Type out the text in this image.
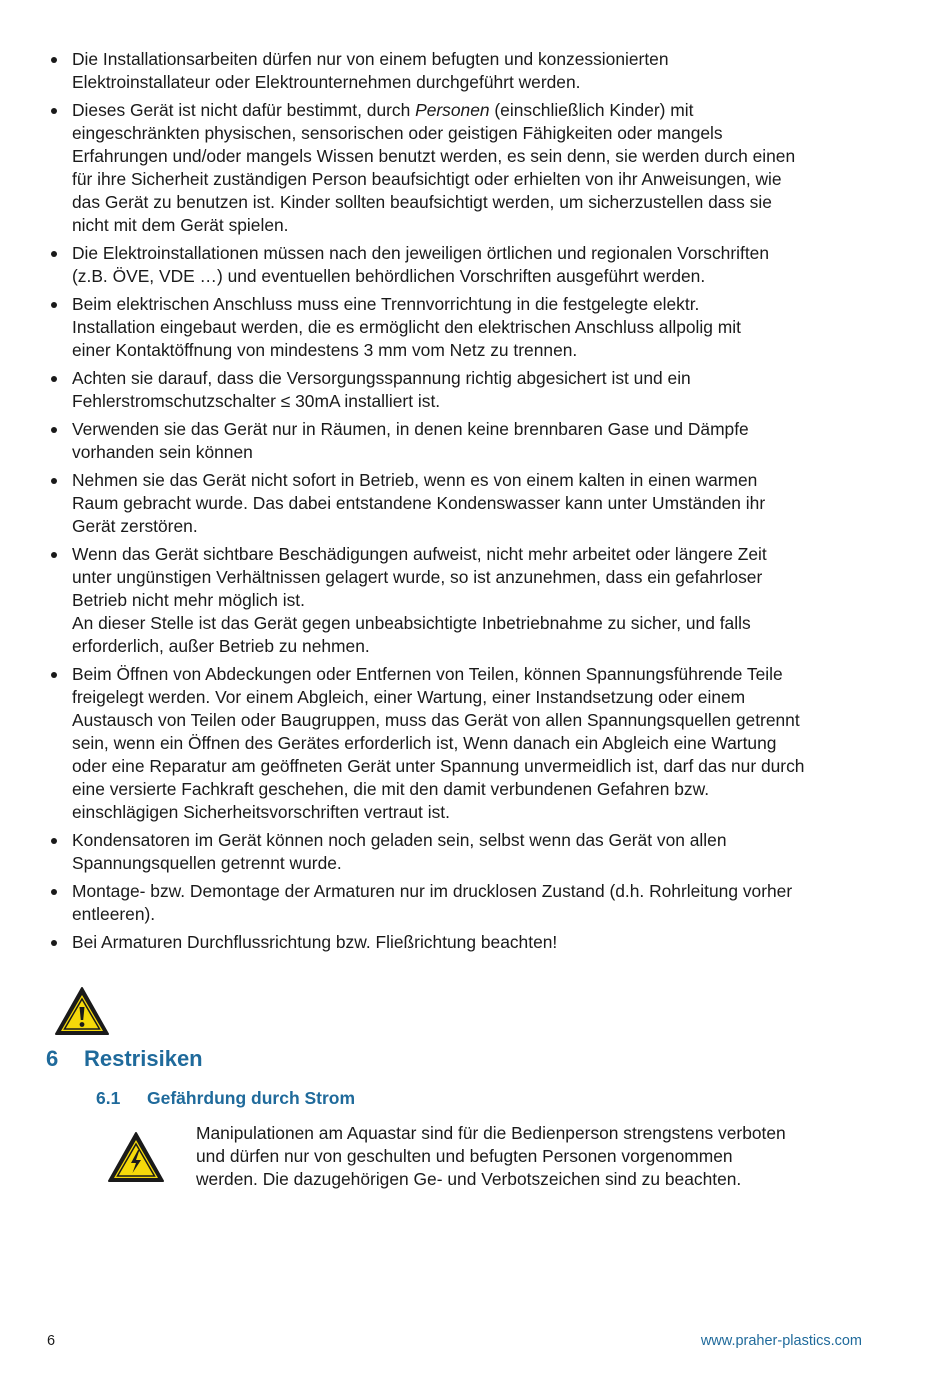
Die Installationsarbeiten dürfen nur von einem befugten und konzessionierten
Elektroinstallateur oder Elektrounternehmen durchgeführt werden.
Dieses Gerät ist nicht dafür bestimmt, durch Personen (einschließlich Kinder) mit
eingeschränkten physischen, sensorischen oder geistigen Fähigkeiten oder mangels
Erfahrungen und/oder mangels Wissen benutzt werden, es sein denn, sie werden durch einen
für ihre Sicherheit zuständigen Person beaufsichtigt oder erhielten von ihr Anweisungen, wie
das Gerät zu benutzen ist. Kinder sollten beaufsichtigt werden, um sicherzustellen dass sie
nicht mit dem Gerät spielen.
Die Elektroinstallationen müssen nach den jeweiligen örtlichen und regionalen Vorschriften
(z.B. ÖVE, VDE …) und eventuellen behördlichen Vorschriften ausgeführt werden.
Beim elektrischen Anschluss muss eine Trennvorrichtung in die festgelegte elektr.
Installation eingebaut werden, die es ermöglicht den elektrischen Anschluss allpolig mit
einer Kontaktöffnung von mindestens 3 mm vom Netz zu trennen.
Achten sie darauf, dass die Versorgungsspannung richtig abgesichert ist und ein
Fehlerstromschutzschalter ≤ 30mA installiert ist.
Verwenden sie das Gerät nur in Räumen, in denen keine brennbaren Gase und Dämpfe
vorhanden sein können
Nehmen sie das Gerät nicht sofort in Betrieb, wenn es von einem kalten in einen warmen
Raum gebracht wurde. Das dabei entstandene Kondenswasser kann unter Umständen ihr
Gerät zerstören.
Wenn das Gerät sichtbare Beschädigungen aufweist, nicht mehr arbeitet oder längere Zeit
unter ungünstigen Verhältnissen gelagert wurde, so ist anzunehmen, dass ein gefahrloser
Betrieb nicht mehr möglich ist.
An dieser Stelle ist das Gerät gegen unbeabsichtigte Inbetriebnahme zu sicher, und falls
erforderlich, außer Betrieb zu nehmen.
Beim Öffnen von Abdeckungen oder Entfernen von Teilen, können Spannungsführende Teile
freigelegt werden. Vor einem Abgleich, einer Wartung, einer Instandsetzung oder einem
Austausch von Teilen oder Baugruppen, muss das Gerät von allen Spannungsquellen getrennt
sein, wenn ein Öffnen des Gerätes erforderlich ist, Wenn danach ein Abgleich eine Wartung
oder eine Reparatur am geöffneten Gerät unter Spannung unvermeidlich ist, darf das nur durch
eine versierte Fachkraft geschehen, die mit den damit verbundenen Gefahren bzw.
einschlägigen Sicherheitsvorschriften vertraut ist.
Kondensatoren im Gerät können noch geladen sein, selbst wenn das Gerät von allen
Spannungsquellen getrennt wurde.
Montage- bzw. Demontage der Armaturen nur im drucklosen Zustand (d.h. Rohrleitung vorher
entleeren).
Bei Armaturen Durchflussrichtung bzw. Fließrichtung beachten!
6 Restrisiken
6.1 Gefährdung durch Strom
Manipulationen am Aquastar sind für die Bedienperson strengstens verboten
und dürfen nur von geschulten und befugten Personen vorgenommen
werden. Die dazugehörigen Ge- und Verbotszeichen sind zu beachten.
6	www.praher-plastics.com
